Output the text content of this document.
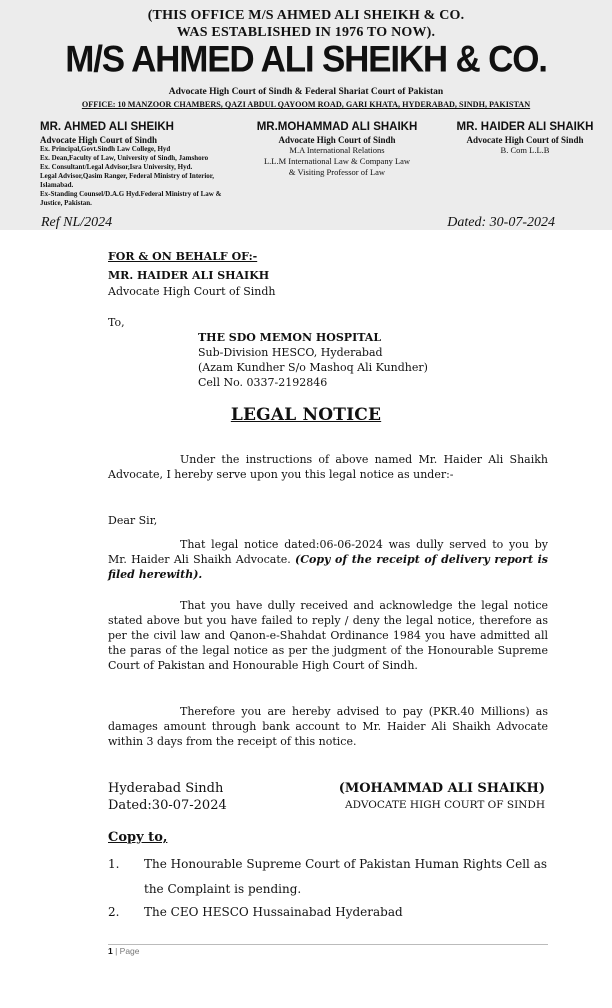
(THIS OFFICE M/S AHMED ALI SHEIKH & CO.
WAS ESTABLISHED IN 1976 TO NOW).
M/S AHMED ALI SHEIKH & CO.
Advocate High Court of Sindh & Federal Shariat Court of Pakistan
OFFICE: 10 MANZOOR CHAMBERS, QAZI ABDUL QAYOOM ROAD, GARI KHATA, HYDERABAD, SINDH, PAKISTAN
MR. AHMED ALI SHEIKH
Advocate High Court of Sindh
Ex. Principal,Govt.Sindh Law College, Hyd
Ex. Dean,Faculty of Law, University of Sindh, Jamshoro
Ex. Consultant/Legal Advisor,Isra University, Hyd.
Legal Advisor,Qasim Ranger, Federal Ministry of Interior, Islamabad.
Ex-Standing Counsel/D.A.G Hyd.Federal Ministry of Law & Justice, Pakistan.
MR.MOHAMMAD ALI SHAIKH
Advocate High Court of Sindh
M.A International Relations
L.L.M International Law & Company Law
& Visiting Professor of Law
MR. HAIDER ALI SHAIKH
Advocate High Court of Sindh
B. Com L.L.B
Ref NL/2024	Dated: 30-07-2024
FOR & ON BEHALF OF:-
MR. HAIDER ALI SHAIKH
Advocate High Court of Sindh
To,
THE SDO MEMON HOSPITAL
Sub-Division HESCO, Hyderabad
(Azam Kundher S/o Mashoq Ali Kundher)
Cell No. 0337-2192846
LEGAL NOTICE
Under the instructions of above named Mr. Haider Ali Shaikh Advocate, I hereby serve upon you this legal notice as under:-
Dear Sir,
That legal notice dated:06-06-2024 was dully served to you by Mr. Haider Ali Shaikh Advocate. (Copy of the receipt of delivery report is filed herewith).
That you have dully received and acknowledge the legal notice stated above but you have failed to reply / deny the legal notice, therefore as per the civil law and Qanon-e-Shahdat Ordinance 1984 you have admitted all the paras of the legal notice as per the judgment of the Honourable Supreme Court of Pakistan and Honourable High Court of Sindh.
Therefore you are hereby advised to pay (PKR.40 Millions) as damages amount through bank account to Mr. Haider Ali Shaikh Advocate within 3 days from the receipt of this notice.
Hyderabad Sindh
Dated:30-07-2024
(MOHAMMAD ALI SHAIKH)
ADVOCATE HIGH COURT OF SINDH
Copy to,
1. The Honourable Supreme Court of Pakistan Human Rights Cell as the Complaint is pending.
2. The CEO HESCO Hussainabad Hyderabad
1 | Page
